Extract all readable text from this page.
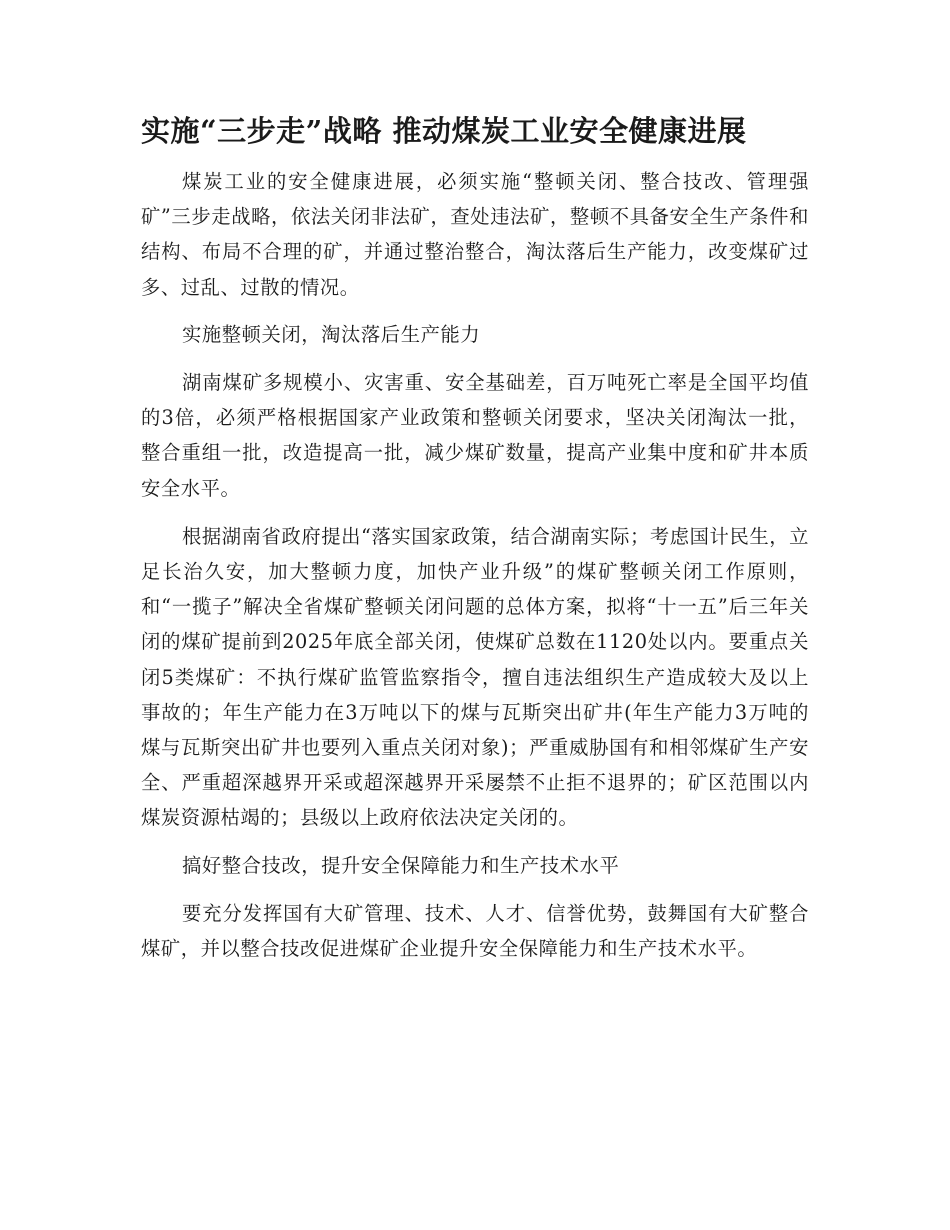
实施“三步走”战略 推动煤炭工业安全健康进展

煤炭工业的安全健康进展，必须实施“整顿关闭、整合技改、管理强矿”三步走战略，依法关闭非法矿，查处违法矿，整顿不具备安全生产条件和结构、布局不合理的矿，并通过整治整合，淘汰落后生产能力，改变煤矿过多、过乱、过散的情况。

实施整顿关闭，淘汰落后生产能力

湖南煤矿多规模小、灾害重、安全基础差，百万吨死亡率是全国平均值的3倍，必须严格根据国家产业政策和整顿关闭要求，坚决关闭淘汰一批，整合重组一批，改造提高一批，减少煤矿数量，提高产业集中度和矿井本质安全水平。

根据湖南省政府提出“落实国家政策，结合湖南实际；考虑国计民生，立足长治久安，加大整顿力度，加快产业升级”的煤矿整顿关闭工作原则，和“一揽子”解决全省煤矿整顿关闭问题的总体方案，拟将“十一五”后三年关闭的煤矿提前到2025年底全部关闭，使煤矿总数在1120处以内。要重点关闭5类煤矿：不执行煤矿监管监察指令，擅自违法组织生产造成较大及以上事故的；年生产能力在3万吨以下的煤与瓦斯突出矿井(年生产能力3万吨的煤与瓦斯突出矿井也要列入重点关闭对象)；严重威胁国有和相邻煤矿生产安全、严重超深越界开采或超深越界开采屡禁不止拒不退界的；矿区范围以内煤炭资源枯竭的；县级以上政府依法决定关闭的。

搞好整合技改，提升安全保障能力和生产技术水平

要充分发挥国有大矿管理、技术、人才、信誉优势，鼓舞国有大矿整合煤矿，并以整合技改促进煤矿企业提升安全保障能力和生产技术水平。
